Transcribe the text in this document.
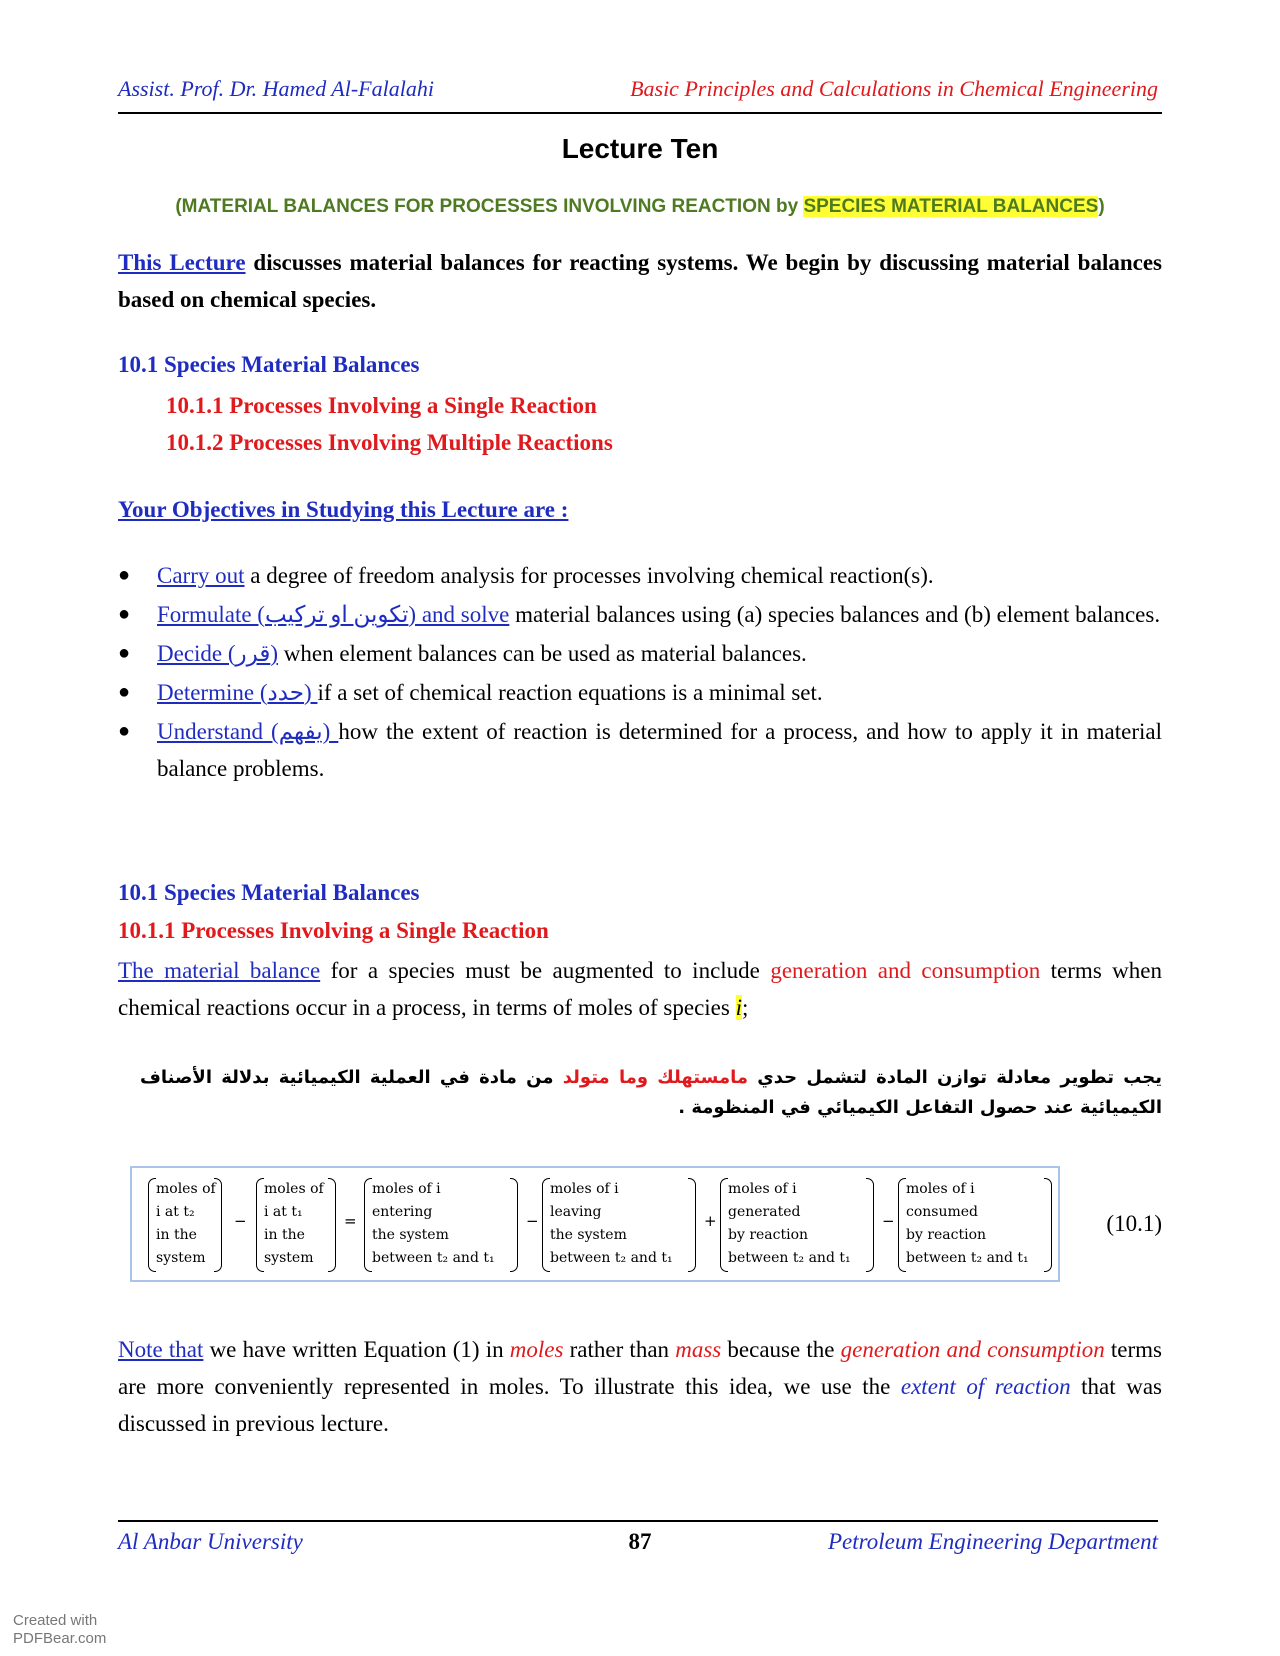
Assist. Prof. Dr. Hamed Al-Falalahi	Basic Principles and Calculations in Chemical Engineering
Lecture Ten
(MATERIAL BALANCES FOR PROCESSES INVOLVING REACTION by SPECIES MATERIAL BALANCES)
This Lecture discusses material balances for reacting systems. We begin by discussing material balances based on chemical species.
10.1 Species Material Balances
10.1.1 Processes Involving a Single Reaction
10.1.2 Processes Involving Multiple Reactions
Your Objectives in Studying this Lecture are :
● Carry out a degree of freedom analysis for processes involving chemical reaction(s).
● Formulate (تكوين او تركيب) and solve material balances using (a) species balances and (b) element balances.
● Decide (قرر) when element balances can be used as material balances.
● Determine (حدد) if a set of chemical reaction equations is a minimal set.
● Understand (يفهم) how the extent of reaction is determined for a process, and how to apply it in material balance problems.
10.1 Species Material Balances
10.1.1 Processes Involving a Single Reaction
The material balance for a species must be augmented to include generation and consumption terms when chemical reactions occur in a process, in terms of moles of species i;
يجب تطوير معادلة توازن المادة لتشمل حدي مامستهلك وما متولد من مادة في العملية الكيميائية بدلالة الأصناف الكيميائية عند حصول التفاعل الكيميائي في المنظومة .
moles of
i at t₂
in the
system
−
moles of
i at t₁
in the
system
=
moles of i
entering
the system
between t₂ and t₁
−
moles of i
leaving
the system
between t₂ and t₁
+
moles of i
generated
by reaction
between t₂ and t₁
−
moles of i
consumed
by reaction
between t₂ and t₁
(10.1)
Note that we have written Equation (1) in moles rather than mass because the generation and consumption terms are more conveniently represented in moles. To illustrate this idea, we use the extent of reaction that was discussed in previous lecture.
Al Anbar University	87	Petroleum Engineering Department
Created with
PDFBear.com
